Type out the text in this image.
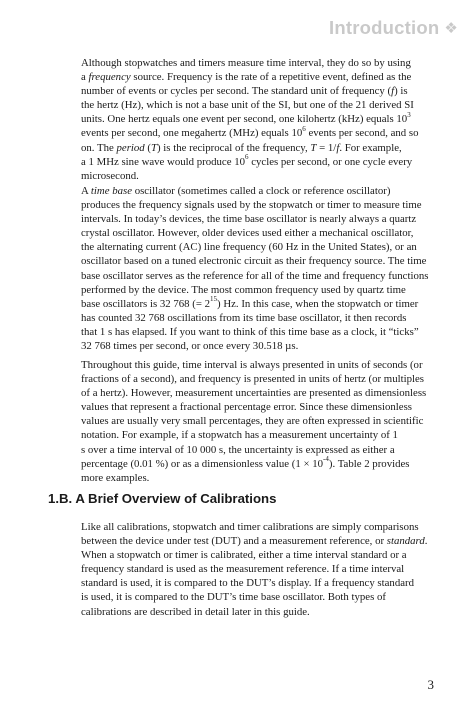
Introduction ❖
Although stopwatches and timers measure time interval, they do so by using
a frequency source. Frequency is the rate of a repetitive event, defined as the
number of events or cycles per second. The standard unit of frequency (f) is
the hertz (Hz), which is not a base unit of the SI, but one of the 21 derived SI
units. One hertz equals one event per second, one kilohertz (kHz) equals $10^3$
events per second, one megahertz (MHz) equals $10^6$ events per second, and so
on. The period (T) is the reciprocal of the frequency, T = 1/f. For example,
a 1 MHz sine wave would produce $10^6$ cycles per second, or one cycle every
microsecond.
A time base oscillator (sometimes called a clock or reference oscillator)
produces the frequency signals used by the stopwatch or timer to measure time
intervals. In today’s devices, the time base oscillator is nearly always a quartz
crystal oscillator. However, older devices used either a mechanical oscillator,
the alternating current (AC) line frequency (60 Hz in the United States), or an
oscillator based on a tuned electronic circuit as their frequency source. The time
base oscillator serves as the reference for all of the time and frequency functions
performed by the device. The most common frequency used by quartz time
base oscillators is 32 768 (= $2^{15}$) Hz. In this case, when the stopwatch or timer
has counted 32 768 oscillations from its time base oscillator, it then records
that 1 s has elapsed. If you want to think of this time base as a clock, it “ticks”
32 768 times per second, or once every 30.518 µs.
Throughout this guide, time interval is always presented in units of seconds (or
fractions of a second), and frequency is presented in units of hertz (or multiples
of a hertz). However, measurement uncertainties are presented as dimensionless
values that represent a fractional percentage error. Since these dimensionless
values are usually very small percentages, they are often expressed in scientific
notation. For example, if a stopwatch has a measurement uncertainty of 1
s over a time interval of 10 000 s, the uncertainty is expressed as either a
percentage (0.01 %) or as a dimensionless value $(1 \times 10^{-4})$. Table 2 provides
more examples.
1.B. A Brief Overview of Calibrations
Like all calibrations, stopwatch and timer calibrations are simply comparisons
between the device under test (DUT) and a measurement reference, or standard.
When a stopwatch or timer is calibrated, either a time interval standard or a
frequency standard is used as the measurement reference. If a time interval
standard is used, it is compared to the DUT’s display. If a frequency standard
is used, it is compared to the DUT’s time base oscillator. Both types of
calibrations are described in detail later in this guide.
3
